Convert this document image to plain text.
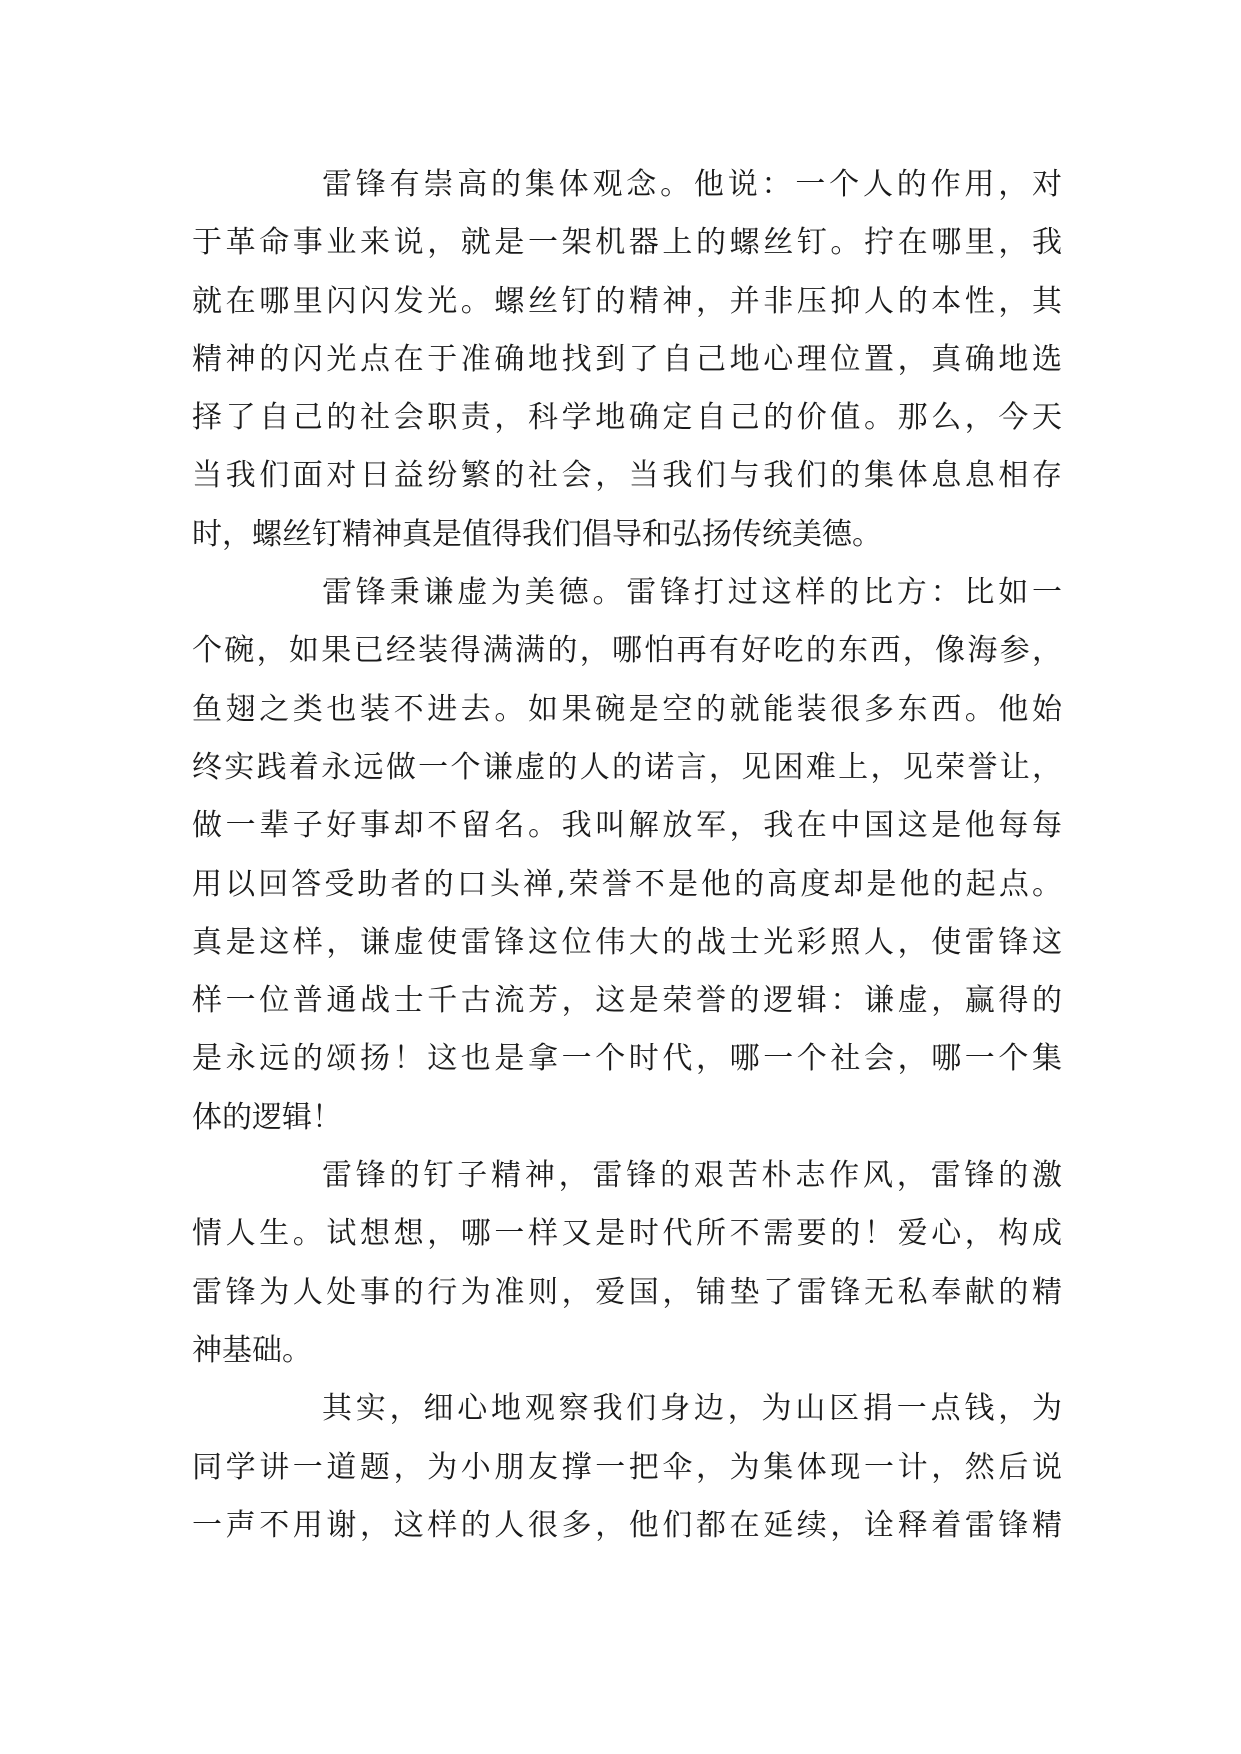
雷锋有崇高的集体观念。他说：一个人的作用，对
于革命事业来说，就是一架机器上的螺丝钉。拧在哪里，我
就在哪里闪闪发光。螺丝钉的精神，并非压抑人的本性，其
精神的闪光点在于准确地找到了自己地心理位置，真确地选
择了自己的社会职责，科学地确定自己的价值。那么，今天
当我们面对日益纷繁的社会，当我们与我们的集体息息相存
时，螺丝钉精神真是值得我们倡导和弘扬传统美德。
雷锋秉谦虚为美德。雷锋打过这样的比方：比如一
个碗，如果已经装得满满的，哪怕再有好吃的东西，像海参，
鱼翅之类也装不进去。如果碗是空的就能装很多东西。他始
终实践着永远做一个谦虚的人的诺言，见困难上，见荣誉让，
做一辈子好事却不留名。我叫解放军，我在中国这是他每每
用以回答受助者的口头禅,荣誉不是他的高度却是他的起点。
真是这样，谦虚使雷锋这位伟大的战士光彩照人，使雷锋这
样一位普通战士千古流芳，这是荣誉的逻辑：谦虚，赢得的
是永远的颂扬！这也是拿一个时代，哪一个社会，哪一个集
体的逻辑！
雷锋的钉子精神，雷锋的艰苦朴志作风，雷锋的激
情人生。试想想，哪一样又是时代所不需要的！爱心，构成
雷锋为人处事的行为准则，爱国，铺垫了雷锋无私奉献的精
神基础。
其实，细心地观察我们身边，为山区捐一点钱，为
同学讲一道题，为小朋友撑一把伞，为集体现一计，然后说
一声不用谢，这样的人很多，他们都在延续，诠释着雷锋精
